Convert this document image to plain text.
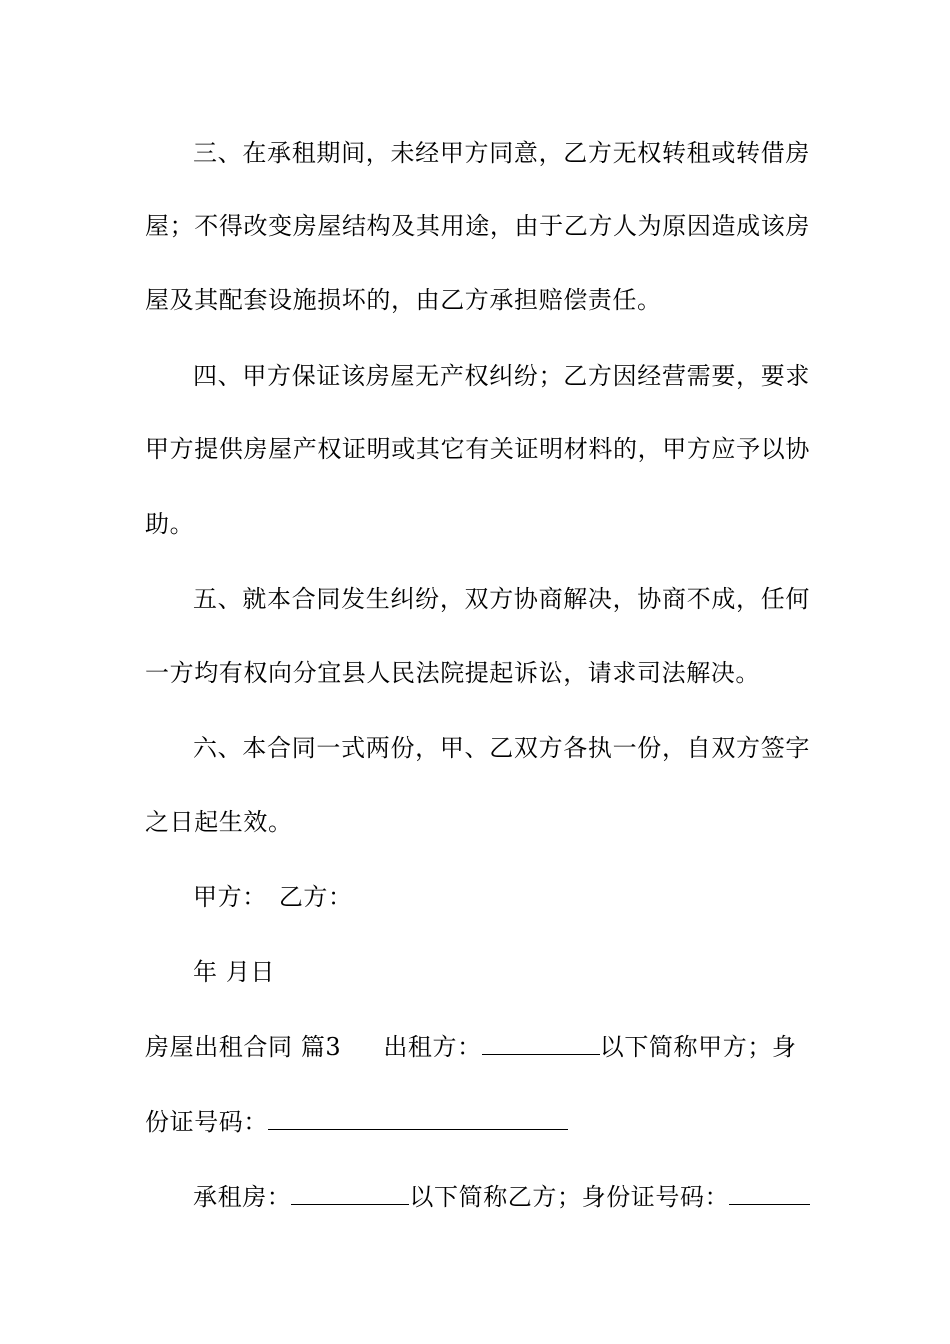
三、在承租期间，未经甲方同意，乙方无权转租或转借房
屋；不得改变房屋结构及其用途，由于乙方人为原因造成该房
屋及其配套设施损坏的，由乙方承担赔偿责任。
四、甲方保证该房屋无产权纠纷；乙方因经营需要，要求
甲方提供房屋产权证明或其它有关证明材料的，甲方应予以协
助。
五、就本合同发生纠纷，双方协商解决，协商不成，任何
一方均有权向分宜县人民法院提起诉讼，请求司法解决。
六、本合同一式两份，甲、乙双方各执一份，自双方签字
之日起生效。
甲方： 乙方：
年 月日
房屋出租合同 篇3 出租方：	以下简称甲方；身
份证号码：
承租房：	以下简称乙方；身份证号码：
